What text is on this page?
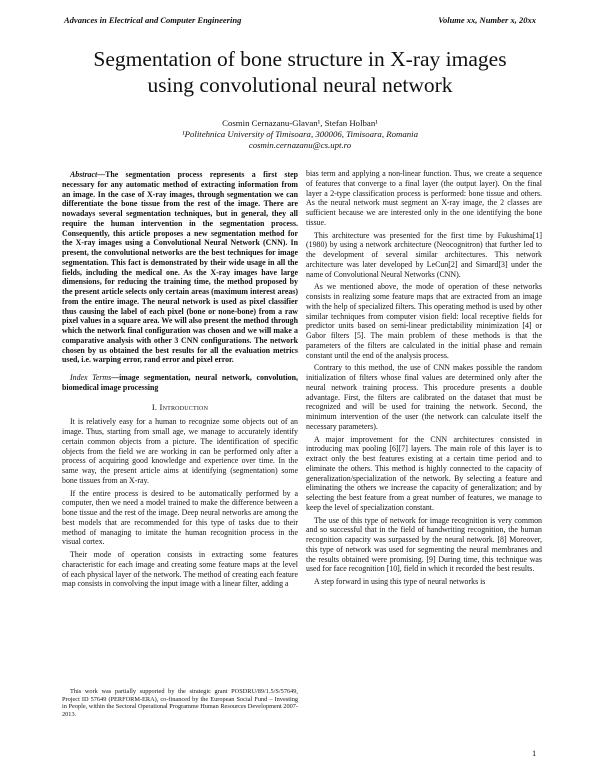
Advances in Electrical and Computer Engineering	Volume xx, Number x, 20xx
Segmentation of bone structure in X-ray images
using convolutional neural network
Cosmin Cernazanu-Glavan¹, Stefan Holban¹
¹Politehnica University of Timisoara, 300006, Timisoara, Romania
cosmin.cernazanu@cs.upt.ro

Abstract—The segmentation process represents a first step necessary for any automatic method of extracting information from an image. In the case of X-ray images, through segmentation we can differentiate the bone tissue from the rest of the image. There are nowadays several segmentation techniques, but in general, they all require the human intervention in the segmentation process. Consequently, this article proposes a new segmentation method for the X-ray images using a Convolutional Neural Network (CNN). In present, the convolutional networks are the best techniques for image segmentation. This fact is demonstrated by their wide usage in all the fields, including the medical one. As the X-ray images have large dimensions, for reducing the training time, the method proposed by the present article selects only certain areas (maximum interest areas) from the entire image. The neural network is used as pixel classifier thus causing the label of each pixel (bone or none-bone) from a raw pixel values in a square area. We will also present the method through which the network final configuration was chosen and we will make a comparative analysis with other 3 CNN configurations. The network chosen by us obtained the best results for all the evaluation metrics used, i.e. warping error, rand error and pixel error.

Index Terms—image segmentation, neural network, convolution, biomedical image processing

I. Introduction

It is relatively easy for a human to recognize some objects out of an image. Thus, starting from small age, we manage to accurately identify certain common objects from a picture. The identification of specific objects from the field we are working in can be performed only after a process of acquiring good knowledge and experience over time. In the same way, the present article aims at identifying (segmentation) some bone tissues from an X-ray.

If the entire process is desired to be automatically performed by a computer, then we need a model trained to make the difference between a bone tissue and the rest of the image. Deep neural networks are among the best models that are recommended for this type of tasks due to their method of managing to imitate the human recognition process in the visual cortex.

Their mode of operation consists in extracting some features characteristic for each image and creating some feature maps at the level of each physical layer of the network. The method of creating each feature map consists in convolving the input image with a linear filter, adding a

bias term and applying a non-linear function. Thus, we create a sequence of features that converge to a final layer (the output layer). On the final layer a 2-type classification process is performed: bone tissue and others. As the neural network must segment an X-ray image, the 2 classes are sufficient because we are interested only in the one identifying the bone tissue.

This architecture was presented for the first time by Fukushima[1] (1980) by using a network architecture (Neocognitron) that further led to the development of several similar architectures. This network architecture was later developed by LeCun[2] and Simard[3] under the name of Convolutional Neural Networks (CNN).

As we mentioned above, the mode of operation of these networks consists in realizing some feature maps that are extracted from an image with the help of specialized filters. This operating method is used by other similar techniques from computer vision field: local receptive fields for predictor units based on semi-linear predictability minimization [4] or Gabor filters [5]. The main problem of these methods is that the parameters of the filters are calculated in the initial phase and remain constant until the end of the analysis process.

Contrary to this method, the use of CNN makes possible the random initialization of filters whose final values are determined only after the neural network training process. This procedure presents a double advantage. First, the filters are calibrated on the dataset that must be recognized and will be used for training the network. Second, the minimum intervention of the user (the network can calculate itself the necessary parameters).

A major improvement for the CNN architectures consisted in introducing max pooling [6][7] layers. The main role of this layer is to extract only the best features existing at a certain time period and to eliminate the others. This method is highly connected to the capacity of generalization/specialization of the network. By selecting a feature and eliminating the others we increase the capacity of generalization; and by selecting the best feature from a great number of features, we manage to keep the level of specialization constant.

The use of this type of network for image recognition is very common and so successful that in the field of handwriting recognition, the human recognition capacity was surpassed by the neural network. [8] Moreover, this type of network was used for segmenting the neural membranes and the results obtained were promising. [9] During time, this technique was used for face recognition [10], field in which it recorded the best results.

A step forward in using this type of neural networks is

This work was partially supported by the strategic grant POSDRU/89/1.5/S/57649, Project ID 57649 (PERFORM-ERA), co-financed by the European Social Fund – Investing in People, within the Sectoral Operational Programme Human Resources Development 2007-2013.
1
